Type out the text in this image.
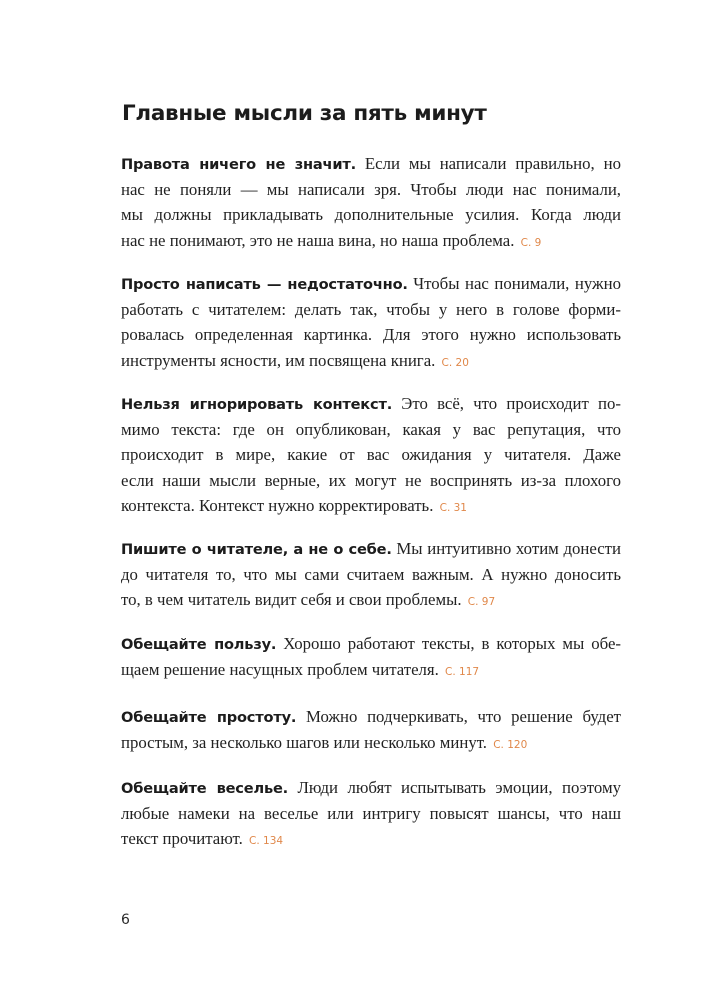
Главные мысли за пять минут
Правота ничего не значит. Если мы написали правильно, но
нас не поняли — мы написали зря. Чтобы люди нас понимали,
мы должны прикладывать дополнительные усилия. Когда люди
нас не понимают, это не наша вина, но наша проблема. С. 9
Просто написать — недостаточно. Чтобы нас понимали, нужно
работать с читателем: делать так, чтобы у него в голове форми-
ровалась определенная картинка. Для этого нужно использовать
инструменты ясности, им посвящена книга. С. 20
Нельзя игнорировать контекст. Это всё, что происходит по-
мимо текста: где он опубликован, какая у вас репутация, что
происходит в мире, какие от вас ожидания у читателя. Даже
если наши мысли верные, их могут не воспринять из-за плохого
контекста. Контекст нужно корректировать. С. 31
Пишите о читателе, а не о себе. Мы интуитивно хотим донести
до читателя то, что мы сами считаем важным. А нужно доносить
то, в чем читатель видит себя и свои проблемы. С. 97
Обещайте пользу. Хорошо работают тексты, в которых мы обе-
щаем решение насущных проблем читателя. С. 117
Обещайте простоту. Можно подчеркивать, что решение будет
простым, за несколько шагов или несколько минут. С. 120
Обещайте веселье. Люди любят испытывать эмоции, поэтому
любые намеки на веселье или интригу повысят шансы, что наш
текст прочитают. С. 134
6
